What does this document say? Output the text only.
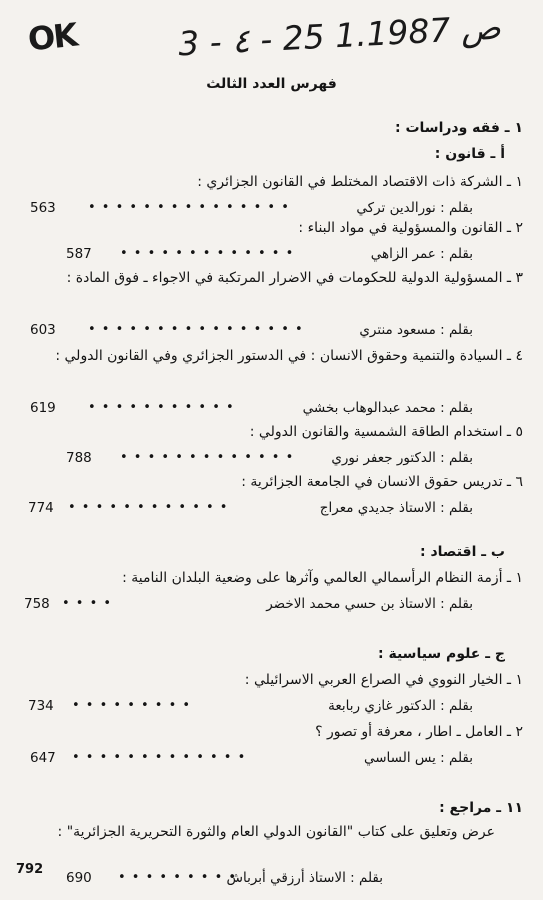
OK	3 - ٤ - 25 ص 1.1987
فهرس العدد الثالث
١ ـ فقه ودراسات :
أ ـ قانون :
١ ـ الشركة ذات الاقتصاد المختلط في القانون الجزائري :
بقلم : نورالدين تركي
• • • • • • • • • • • • • • •
563
٢ ـ القانون والمسؤولية في مواد البناء :
بقلم : عمر الزاهي
• • • • • • • • • • • • •
587
٣ ـ المسؤولية الدولية للحكومات في الاضرار المرتكبة في الاجواء ـ فوق المادة :
بقلم : مسعود منتري
• • • • • • • • • • • • • • • •
603
٤ ـ السيادة والتنمية وحقوق الانسان : في الدستور الجزائري وفي القانون الدولي :
بقلم : محمد عبدالوهاب بخشي
• • • • • • • • • • •
619
٥ ـ استخدام الطاقة الشمسية والقانون الدولي :
بقلم : الدكتور جعفر نوري
• • • • • • • • • • • • •
788
٦ ـ تدريس حقوق الانسان في الجامعة الجزائرية :
بقلم : الاستاذ جديدي معراج
• • • • • • • • • • • •
774
ب ـ اقتصاد :
١ ـ أزمة النظام الرأسمالي العالمي وآثرها على وضعية البلدان النامية :
بقلم : الاستاذ بن حسي محمد الاخضر
• • • •
758
ج ـ علوم سياسية :
١ ـ الخيار النووي في الصراع العربي الاسرائيلي :
بقلم : الدكتور غازي ربابعة
• • • • • • • • •
734
٢ ـ العامل ـ اطار ، معرفة أو تصور ؟
بقلم : يس الساسي
• • • • • • • • • • • • •
647
١١ ـ مراجع :
عرض وتعليق على كتاب "القانون الدولي العام والثورة التحريرية الجزائرية" :
بقلم : الاستاذ أرزقي أبرباش
• • • • • • • • •
690
792
